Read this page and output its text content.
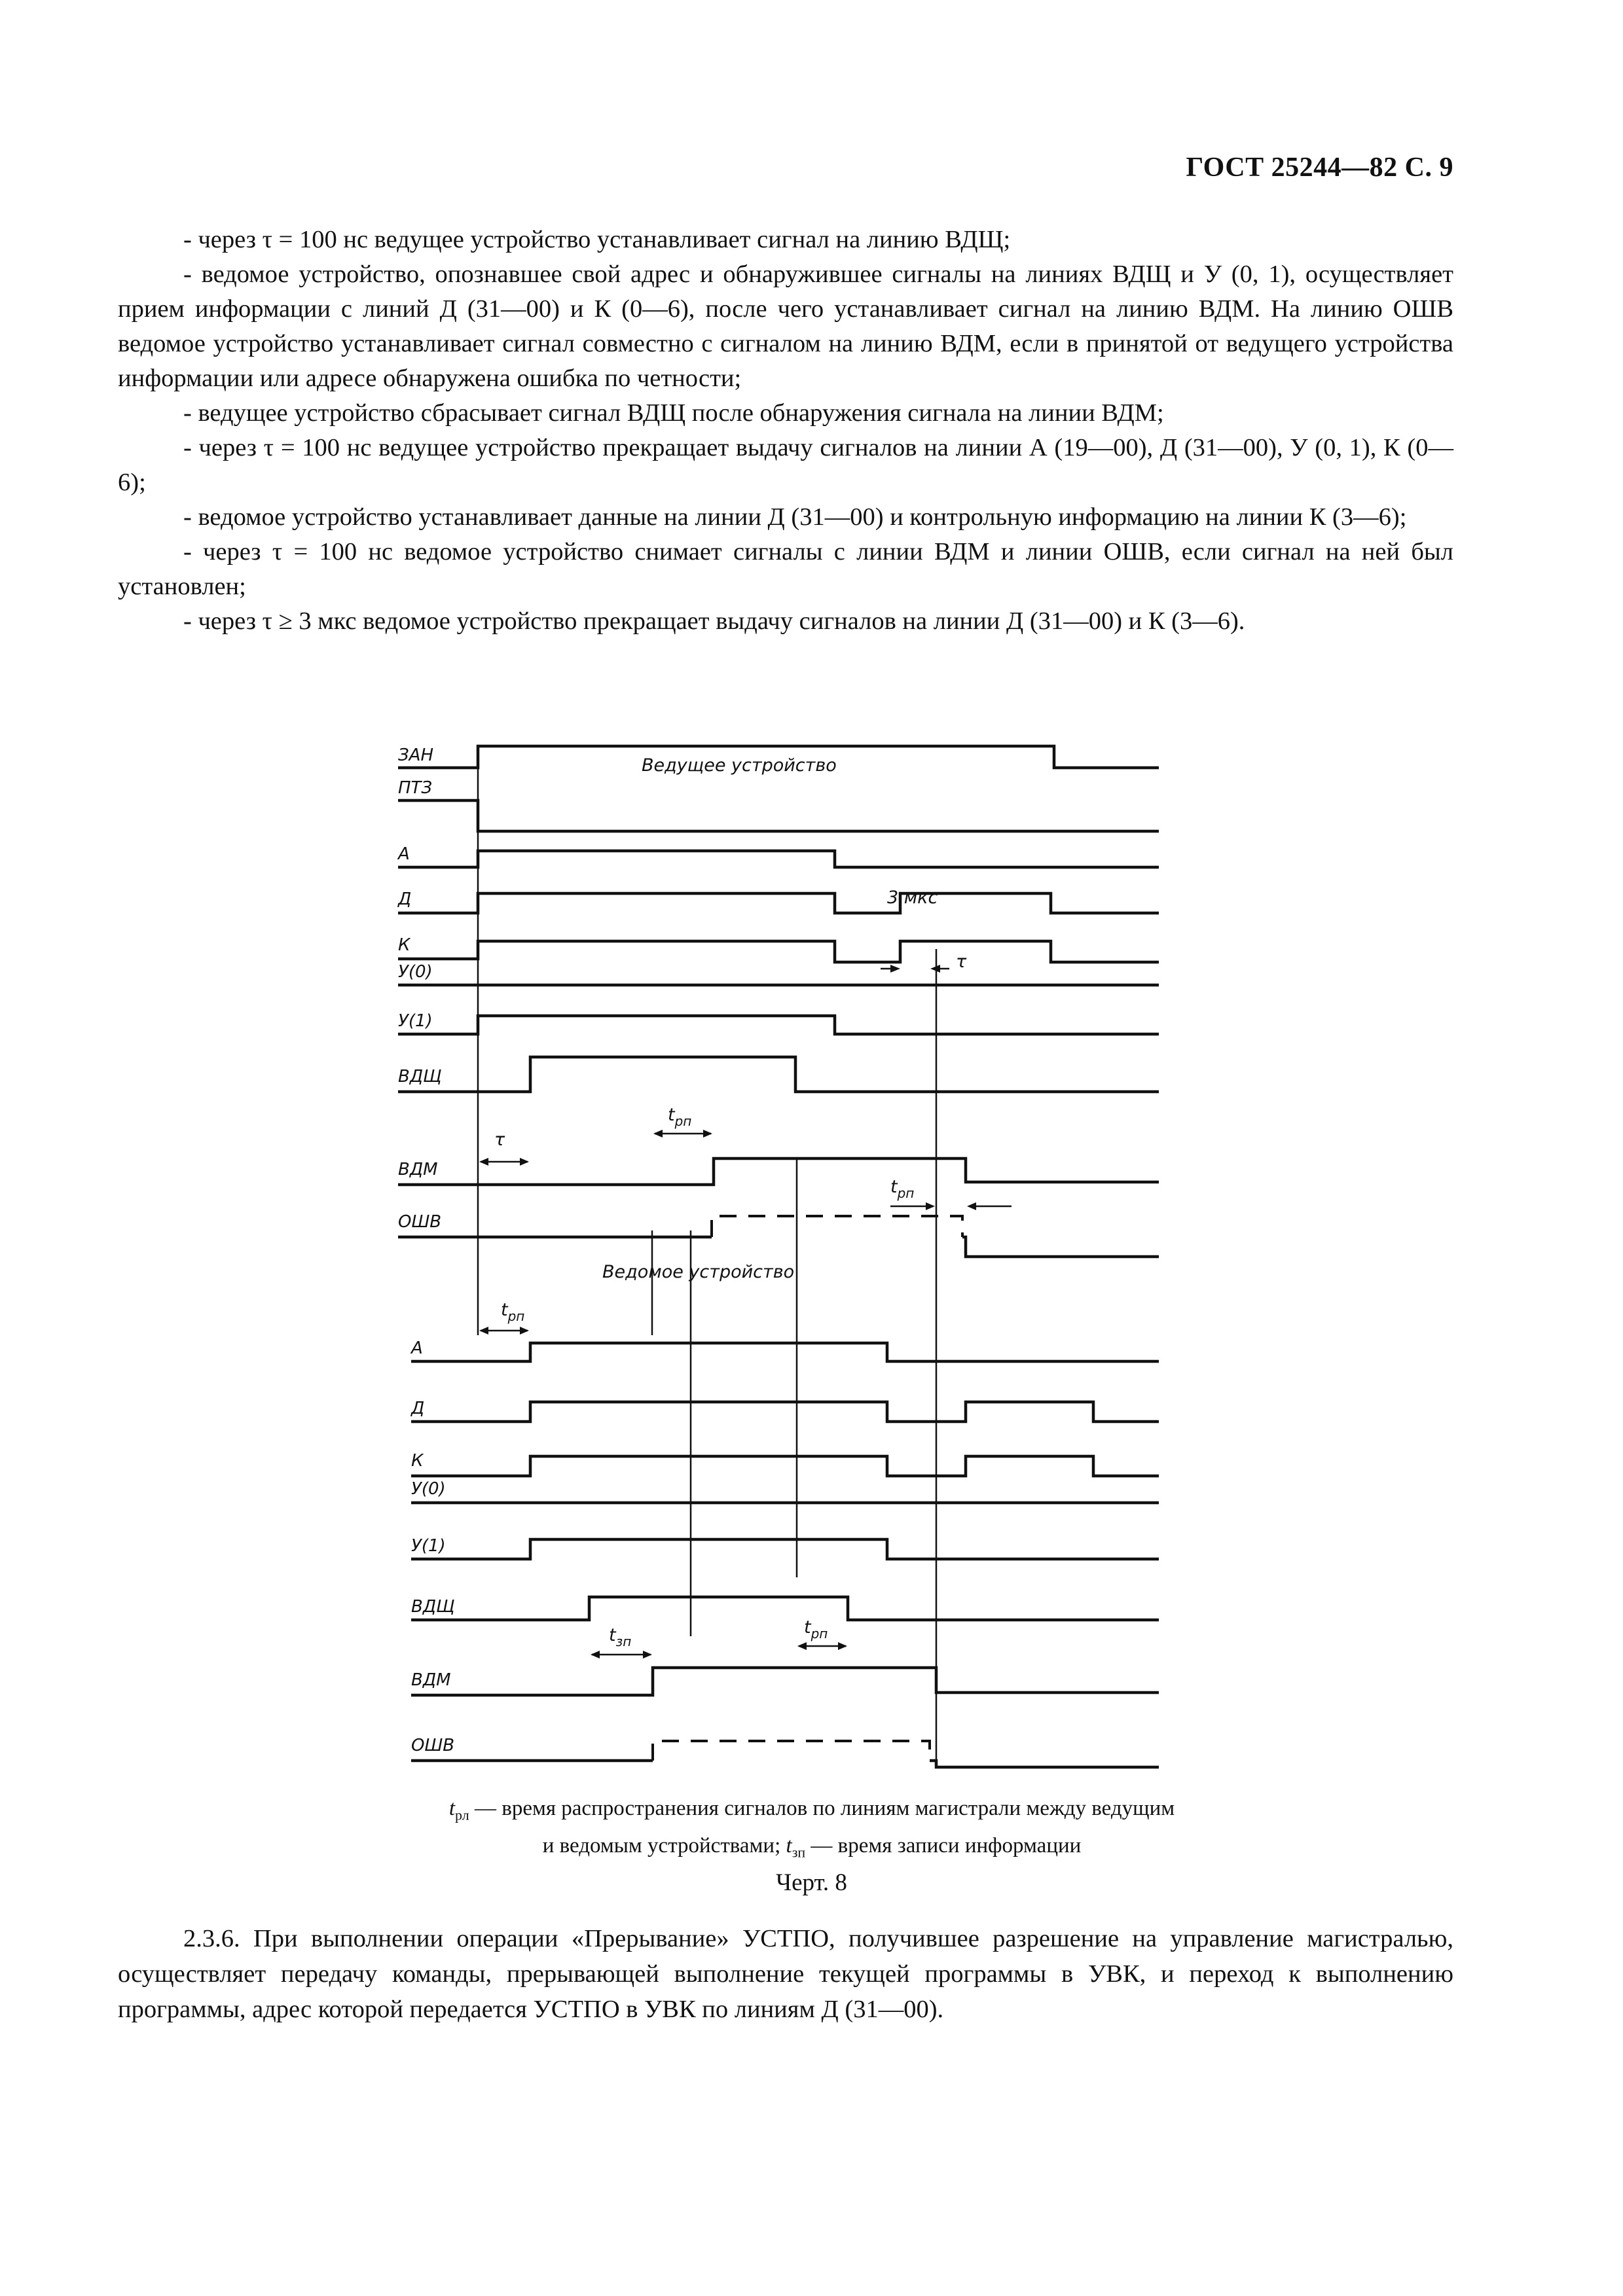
ГОСТ 25244—82 С. 9

- через τ = 100 нс ведущее устройство устанавливает сигнал на линию ВДЩ;

- ведомое устройство, опознавшее свой адрес и обнаружившее сигналы на линиях ВДЩ и У (0, 1), осуществляет прием информации с линий Д (31—00) и К (0—6), после чего устанавливает сигнал на линию ВДМ. На линию ОШВ ведомое устройство устанавливает сигнал совместно с сигналом на линию ВДМ, если в принятой от ведущего устройства информации или адресе обнаружена ошибка по четности;

- ведущее устройство сбрасывает сигнал ВДЩ после обнаружения сигнала на линии ВДМ;

- через τ = 100 нс ведущее устройство прекращает выдачу сигналов на линии А (19—00), Д (31—00), У (0, 1), К (0—6);

- ведомое устройство устанавливает данные на линии Д (31—00) и контрольную информацию на линии К (3—6);

- через τ = 100 нс ведомое устройство снимает сигналы с линии ВДМ и линии ОШВ, если сигнал на ней был установлен;

- через τ ≥ 3 мкс ведомое устройство прекращает выдачу сигналов на линии Д (31—00) и К (3—6).

Ведущее устройство
Ведомое устройство
ЗАН
ПТЗ
А
Д
К
У(0)
У(1)
ВДЩ
ВДМ
ОШВ
3 мкс
τ
τ
$t_{рп}$
$t_{рп}$
$t_{рп}$
А
Д
К
У(0)
У(1)
ВДЩ
ВДМ
ОШВ
$t_{зп}$
$t_{рп}$
$t_{рл}$ — время распространения сигналов по линиям магистрали между ведущим
и ведомым устройствами; $t_{зп}$ — время записи информации
Черт. 8

2.3.6. При выполнении операции «Прерывание» УСТПО, получившее разрешение на управление магистралью, осуществляет передачу команды, прерывающей выполнение текущей программы в УВК, и переход к выполнению программы, адрес которой передается УСТПО в УВК по линиям Д (31—00).
